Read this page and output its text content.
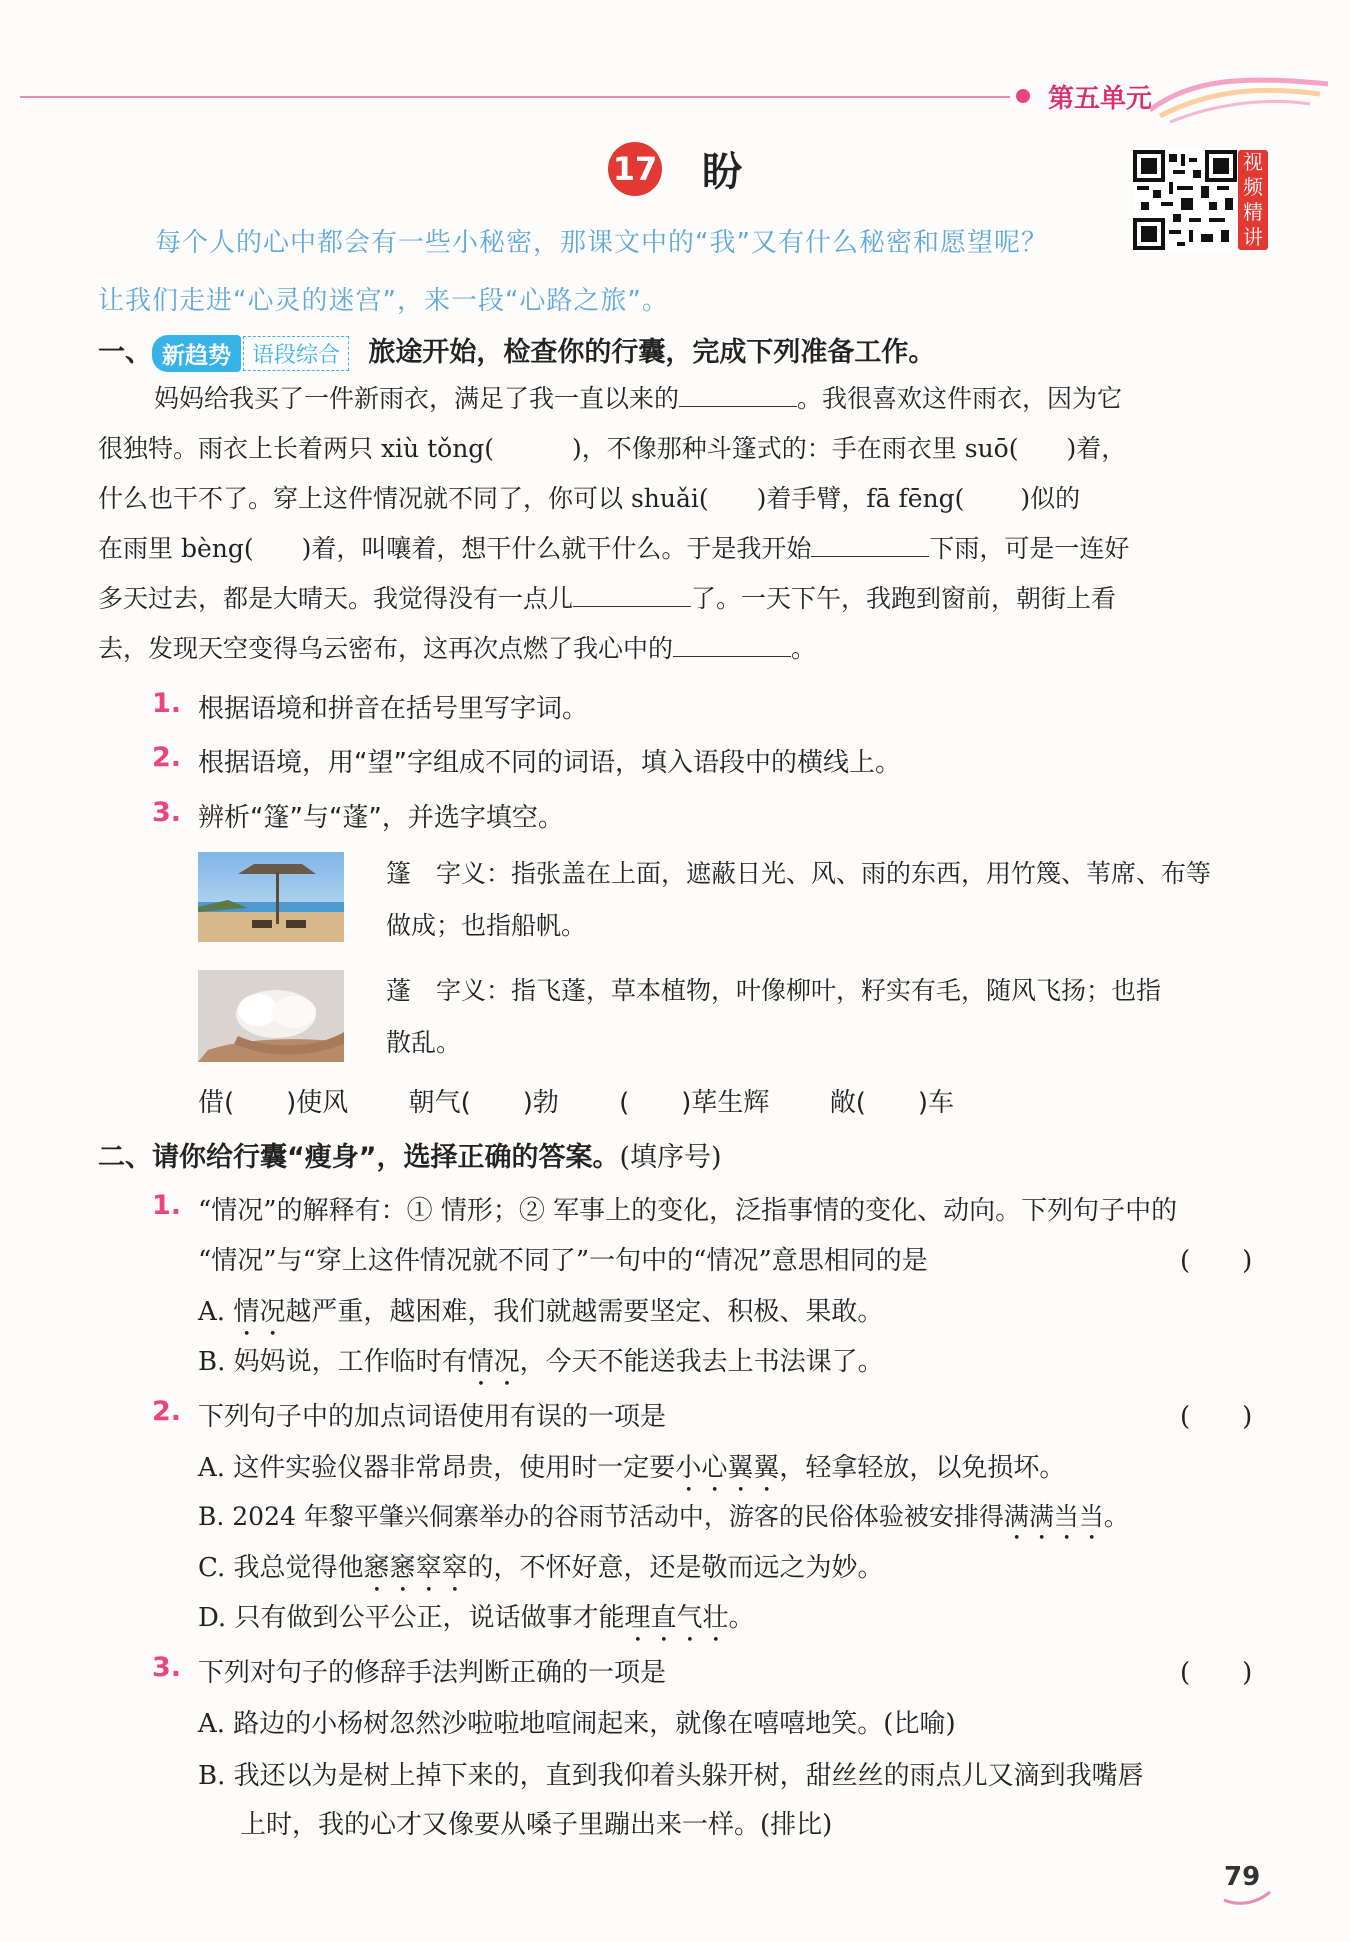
第五单元
17 盼	视
频
精
讲
每个人的心中都会有一些小秘密，那课文中的“我”又有什么秘密和愿望呢？
让我们走进“心灵的迷宫”，来一段“心路之旅”。
一、 新趋势 语段综合 旅途开始，检查你的行囊，完成下列准备工作。
妈妈给我买了一件新雨衣，满足了我一直以来的	。我很喜欢这件雨衣，因为它
很独特。雨衣上长着两只 xiù tǒng(	)，不像那种斗篷式的：手在雨衣里 suō( )着，
什么也干不了。穿上这件情况就不同了，你可以 shuǎi( )着手臂，fā fēng( )似的
在雨里 bèng( )着，叫嚷着，想干什么就干什么。于是我开始	下雨，可是一连好
多天过去，都是大晴天。我觉得没有一点儿	了。一天下午，我跑到窗前，朝街上看
去，发现天空变得乌云密布，这再次点燃了我心中的	。
1. 根据语境和拼音在括号里写字词。
2. 根据语境，用“望”字组成不同的词语，填入语段中的横线上。
3. 辨析“篷”与“蓬”，并选字填空。
篷　字义：指张盖在上面，遮蔽日光、风、雨的东西，用竹篾、苇席、布等
做成；也指船帆。
蓬　字义：指飞蓬，草本植物，叶像柳叶，籽实有毛，随风飞扬；也指
散乱。
借(　　)使风 朝气(　　)勃 (　　)荜生辉 敞(　　)车
二、请你给行囊“瘦身”，选择正确的答案。(填序号)
1. “情况”的解释有：① 情形；② 军事上的变化，泛指事情的变化、动向。下列句子中的
“情况”与“穿上这件情况就不同了”一句中的“情况”意思相同的是	(　　)
A. 情况越严重，越困难，我们就越需要坚定、积极、果敢。
B. 妈妈说，工作临时有情况，今天不能送我去上书法课了。
2. 下列句子中的加点词语使用有误的一项是	(　　)
A. 这件实验仪器非常昂贵，使用时一定要小心翼翼，轻拿轻放，以免损坏。
B. 2024 年黎平肇兴侗寨举办的谷雨节活动中，游客的民俗体验被安排得满满当当。
C. 我总觉得他窸窸窣窣的，不怀好意，还是敬而远之为妙。
D. 只有做到公平公正，说话做事才能理直气壮。
3. 下列对句子的修辞手法判断正确的一项是	(　　)
A. 路边的小杨树忽然沙啦啦地喧闹起来，就像在嘻嘻地笑。(比喻)
B. 我还以为是树上掉下来的，直到我仰着头躲开树，甜丝丝的雨点儿又滴到我嘴唇
上时，我的心才又像要从嗓子里蹦出来一样。(排比)
79
